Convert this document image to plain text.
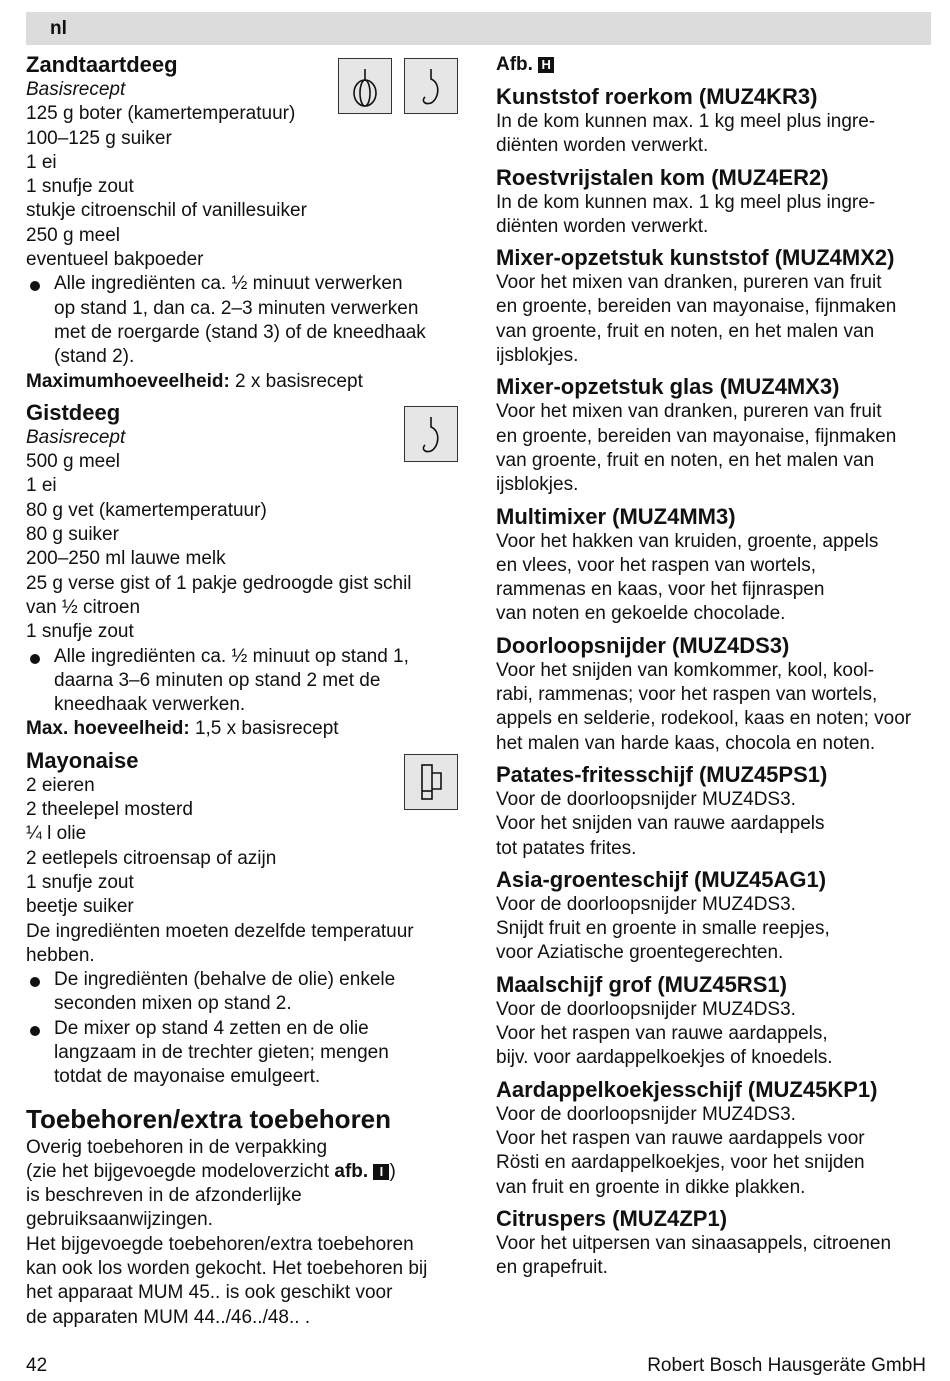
nl
Zandtaartdeeg
Basisrecept
125 g boter (kamertemperatuur)
100–125 g suiker
1 ei
1 snufje zout
stukje citroenschil of vanillesuiker
250 g meel
eventueel bakpoeder
Alle ingrediënten ca. ½ minuut verwerken
op stand 1, dan ca. 2–3 minuten verwerken
met de roergarde (stand 3) of de kneedhaak
(stand 2).
Maximumhoeveelheid: 2 x basisrecept
Gistdeeg
Basisrecept
500 g meel
1 ei
80 g vet (kamertemperatuur)
80 g suiker
200–250 ml lauwe melk
25 g verse gist of 1 pakje gedroogde gist schil
van ½ citroen
1 snufje zout
Alle ingrediënten ca. ½ minuut op stand 1,
daarna 3–6 minuten op stand 2 met de
kneedhaak verwerken.
Max. hoeveelheid: 1,5 x basisrecept
Mayonaise
2 eieren
2 theelepel mosterd
¼ l olie
2 eetlepels citroensap of azijn
1 snufje zout
beetje suiker
De ingrediënten moeten dezelfde temperatuur
hebben.
De ingrediënten (behalve de olie) enkele
seconden mixen op stand 2.
De mixer op stand 4 zetten en de olie
langzaam in de trechter gieten; mengen
totdat de mayonaise emulgeert.
Toebehoren/extra toebehoren
Overig toebehoren in de verpakking
(zie het bijgevoegde modeloverzicht afb. I )
is beschreven in de afzonderlijke
gebruiksaanwijzingen.
Het bijgevoegde toebehoren/extra toebehoren
kan ook los worden gekocht. Het toebehoren bij
het apparaat MUM 45.. is ook geschikt voor
de apparaten MUM 44../46../48.. .
Afb. H
Kunststof roerkom (MUZ4KR3)
In de kom kunnen max. 1 kg meel plus ingre-
diënten worden verwerkt.
Roestvrijstalen kom (MUZ4ER2)
In de kom kunnen max. 1 kg meel plus ingre-
diënten worden verwerkt.
Mixer-opzetstuk kunststof (MUZ4MX2)
Voor het mixen van dranken, pureren van fruit
en groente, bereiden van mayonaise, fijnmaken
van groente, fruit en noten, en het malen van
ijsblokjes.
Mixer-opzetstuk glas (MUZ4MX3)
Voor het mixen van dranken, pureren van fruit
en groente, bereiden van mayonaise, fijnmaken
van groente, fruit en noten, en het malen van
ijsblokjes.
Multimixer (MUZ4MM3)
Voor het hakken van kruiden, groente, appels
en vlees, voor het raspen van wortels,
rammenas en kaas, voor het fijnraspen
van noten en gekoelde chocolade.
Doorloopsnijder (MUZ4DS3)
Voor het snijden van komkommer, kool, kool-
rabi, rammenas; voor het raspen van wortels,
appels en selderie, rodekool, kaas en noten; voor
het malen van harde kaas, chocola en noten.
Patates-fritesschijf (MUZ45PS1)
Voor de doorloopsnijder MUZ4DS3.
Voor het snijden van rauwe aardappels
tot patates frites.
Asia-groenteschijf (MUZ45AG1)
Voor de doorloopsnijder MUZ4DS3.
Snijdt fruit en groente in smalle reepjes,
voor Aziatische groentegerechten.
Maalschijf grof (MUZ45RS1)
Voor de doorloopsnijder MUZ4DS3.
Voor het raspen van rauwe aardappels,
bijv. voor aardappelkoekjes of knoedels.
Aardappelkoekjesschijf (MUZ45KP1)
Voor de doorloopsnijder MUZ4DS3.
Voor het raspen van rauwe aardappels voor
Rösti en aardappelkoekjes, voor het snijden
van fruit en groente in dikke plakken.
Citruspers (MUZ4ZP1)
Voor het uitpersen van sinaasappels, citroenen
en grapefruit.
42	Robert Bosch Hausgeräte GmbH
